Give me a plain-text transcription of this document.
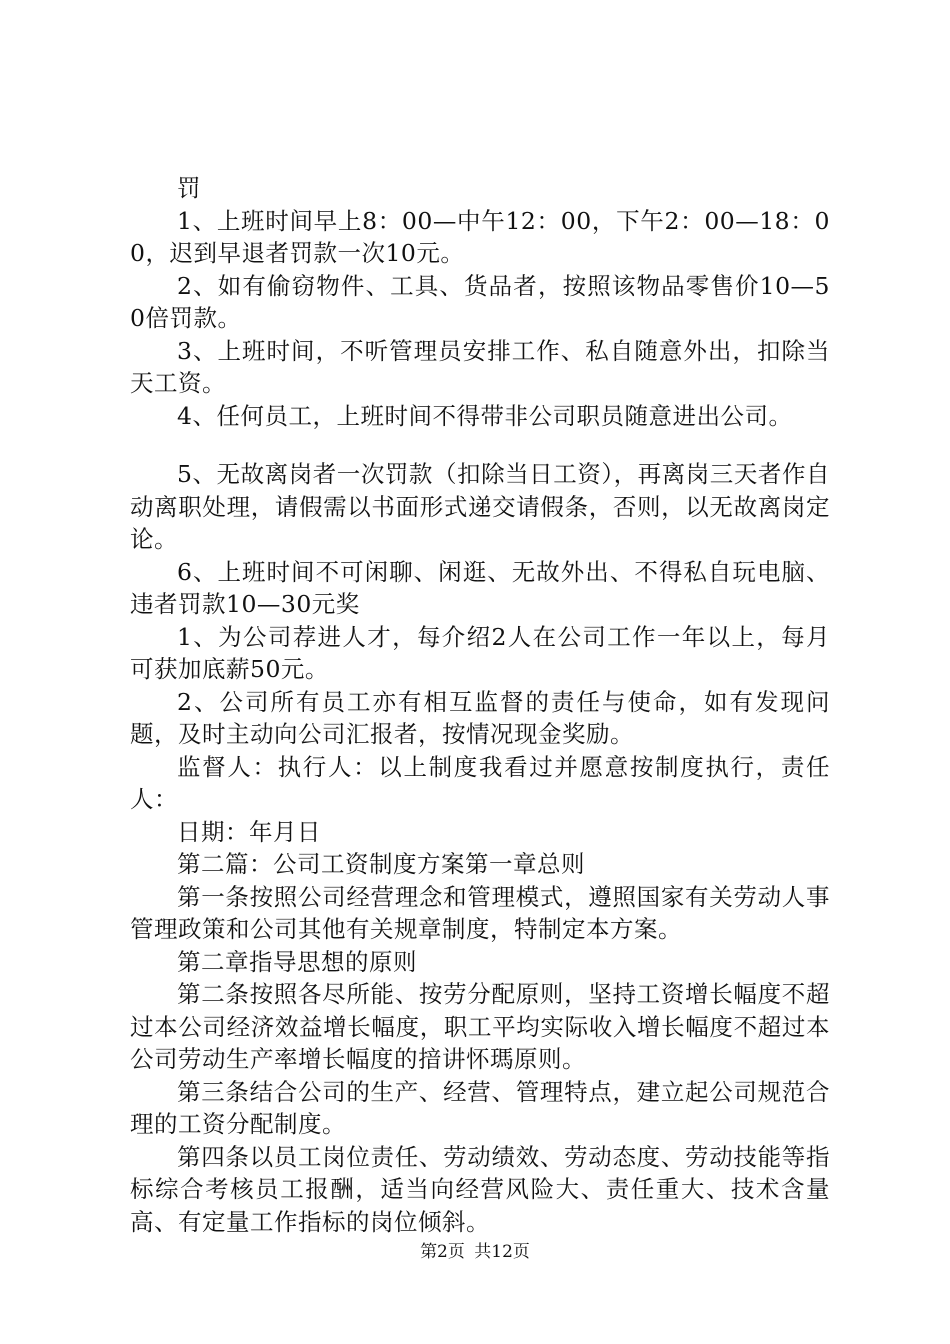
罚

1、上班时间早上8：00—中午12：00，下午2：00—18：00，迟到早退者罚款一次10元。

2、如有偷窃物件、工具、货品者，按照该物品零售价10—50倍罚款。

3、上班时间，不听管理员安排工作、私自随意外出，扣除当天工资。

4、任何员工，上班时间不得带非公司职员随意进出公司。

5、无故离岗者一次罚款（扣除当日工资），再离岗三天者作自动离职处理，请假需以书面形式递交请假条，否则，以无故离岗定论。

6、上班时间不可闲聊、闲逛、无故外出、不得私自玩电脑、违者罚款10—30元奖

1、为公司荐进人才，每介绍2人在公司工作一年以上，每月可获加底薪50元。

2、公司所有员工亦有相互监督的责任与使命，如有发现问题，及时主动向公司汇报者，按情况现金奖励。

监督人：执行人：以上制度我看过并愿意按制度执行，责任人：

日期：年月日

第二篇：公司工资制度方案第一章总则

第一条按照公司经营理念和管理模式，遵照国家有关劳动人事管理政策和公司其他有关规章制度，特制定本方案。

第二章指导思想的原则

第二条按照各尽所能、按劳分配原则，坚持工资增长幅度不超过本公司经济效益增长幅度，职工平均实际收入增长幅度不超过本公司劳动生产率增长幅度的揞讲怀瑪原则。

第三条结合公司的生产、经营、管理特点，建立起公司规范合理的工资分配制度。

第四条以员工岗位责任、劳动绩效、劳动态度、劳动技能等指标综合考核员工报酬，适当向经营风险大、责任重大、技术含量高、有定量工作指标的岗位倾斜。

第2页 共12页
